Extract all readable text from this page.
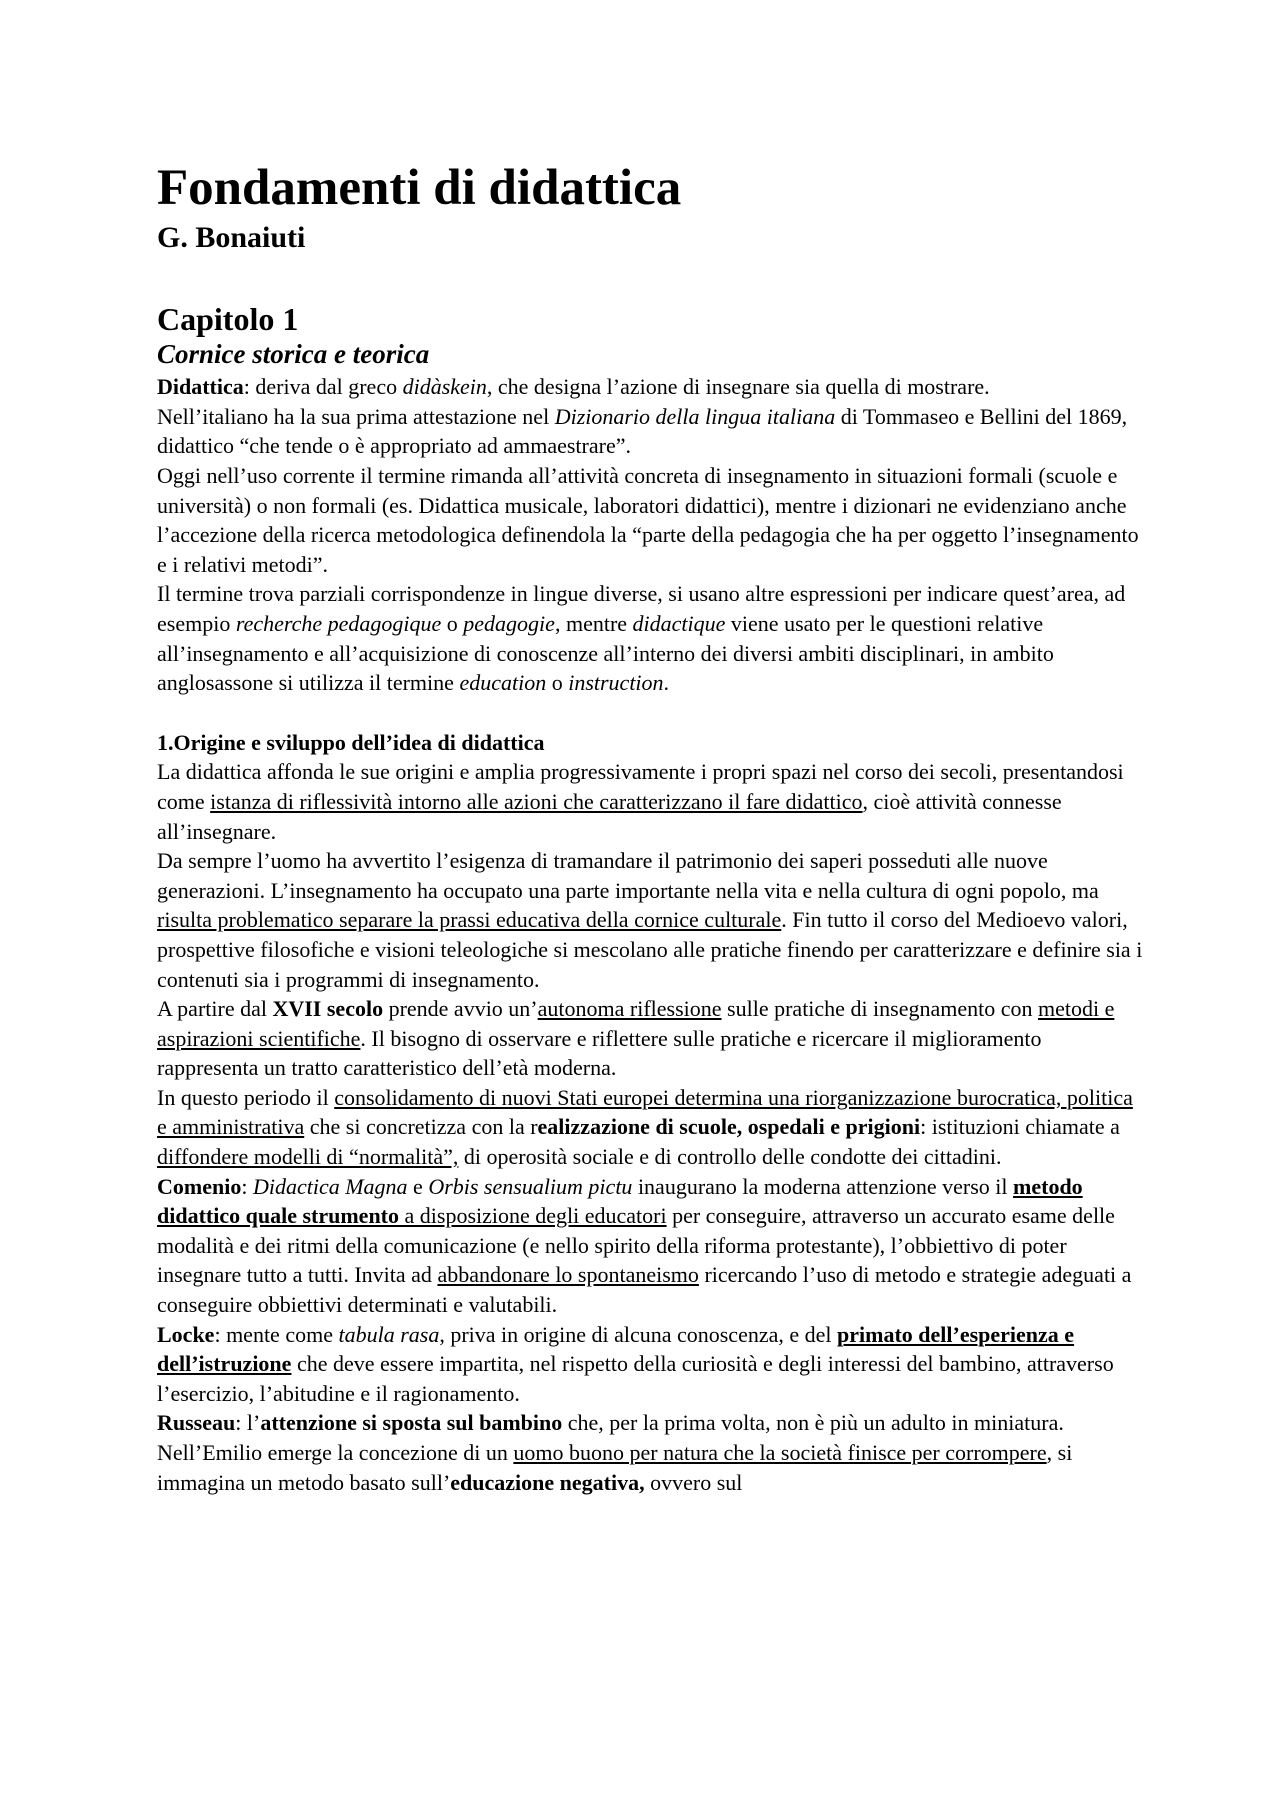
Fondamenti di didattica
G. Bonaiuti
Capitolo 1
Cornice storica e teorica

Didattica: deriva dal greco didàskein, che designa l’azione di insegnare sia quella di mostrare.

Nell’italiano ha la sua prima attestazione nel Dizionario della lingua italiana di Tommaseo e Bellini del 1869, didattico “che tende o è appropriato ad ammaestrare”.

Oggi nell’uso corrente il termine rimanda all’attività concreta di insegnamento in situazioni formali (scuole e università) o non formali (es. Didattica musicale, laboratori didattici), mentre i dizionari ne evidenziano anche l’accezione della ricerca metodologica definendola la “parte della pedagogia che ha per oggetto l’insegnamento e i relativi metodi”.

Il termine trova parziali corrispondenze in lingue diverse, si usano altre espressioni per indicare quest’area, ad esempio recherche pedagogique o pedagogie, mentre didactique viene usato per le questioni relative all’insegnamento e all’acquisizione di conoscenze all’interno dei diversi ambiti disciplinari, in ambito anglosassone si utilizza il termine education o instruction.

1.Origine e sviluppo dell’idea di didattica

La didattica affonda le sue origini e amplia progressivamente i propri spazi nel corso dei secoli, presentandosi come istanza di riflessività intorno alle azioni che caratterizzano il fare didattico, cioè attività connesse all’insegnare.

Da sempre l’uomo ha avvertito l’esigenza di tramandare il patrimonio dei saperi posseduti alle nuove generazioni. L’insegnamento ha occupato una parte importante nella vita e nella cultura di ogni popolo, ma risulta problematico separare la prassi educativa della cornice culturale. Fin tutto il corso del Medioevo valori, prospettive filosofiche e visioni teleologiche si mescolano alle pratiche finendo per caratterizzare e definire sia i contenuti sia i programmi di insegnamento.

A partire dal XVII secolo prende avvio un’autonoma riflessione sulle pratiche di insegnamento con metodi e aspirazioni scientifiche. Il bisogno di osservare e riflettere sulle pratiche e ricercare il miglioramento rappresenta un tratto caratteristico dell’età moderna.

In questo periodo il consolidamento di nuovi Stati europei determina una riorganizzazione burocratica, politica e amministrativa che si concretizza con la realizzazione di scuole, ospedali e prigioni: istituzioni chiamate a diffondere modelli di “normalità”, di operosità sociale e di controllo delle condotte dei cittadini.

Comenio: Didactica Magna e Orbis sensualium pictu inaugurano la moderna attenzione verso il metodo didattico quale strumento a disposizione degli educatori per conseguire, attraverso un accurato esame delle modalità e dei ritmi della comunicazione (e nello spirito della riforma protestante), l’obbiettivo di poter insegnare tutto a tutti. Invita ad abbandonare lo spontaneismo ricercando l’uso di metodo e strategie adeguati a conseguire obbiettivi determinati e valutabili.

Locke: mente come tabula rasa, priva in origine di alcuna conoscenza, e del primato dell’esperienza e dell’istruzione che deve essere impartita, nel rispetto della curiosità e degli interessi del bambino, attraverso l’esercizio, l’abitudine e il ragionamento.

Russeau: l’attenzione si sposta sul bambino che, per la prima volta, non è più un adulto in miniatura. Nell’Emilio emerge la concezione di un uomo buono per natura che la società finisce per corrompere, si immagina un metodo basato sull’educazione negativa, ovvero sul
